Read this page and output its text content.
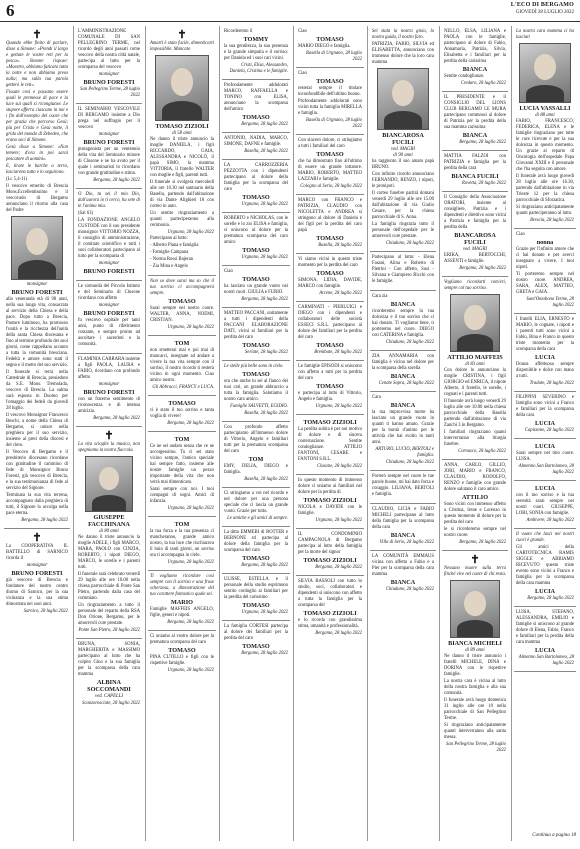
6	L'ECO DI BERGAMO
GIOVEDÌ 28 LUGLIO 2022
✝

Quando ebbe finito di parlare, disse a Simone: «Prendi il largo e gettate le vostre reti per la pesca». Simone rispose: «Maestro, abbiamo faticato tutta la notte e non abbiamo preso nulla; ma sulla tua parola getterò le reti».

Fissate così e possano essere quali le premesse di pace e la luce sui quali si ricongiunse. Le stupore afferra ciascuno in noi e i fin dall'esempio del cuore che per grazia che percorso Gesù; più per Cristo e Gesù notte, il grido del mondo di Zebedeo, che erano soci di Simone.

Gesù disse a Simone: «Non temere; d'ora in poi sarai pescatore di uomini».

E, tirate le barche a terra, lasciarono tutto e lo seguirono.

(Lc 5,4-11)

Il vescovo emerito di Brescia Mons.Eccellentissimo e il vescovado di Bergamo annunciano il ritorno alla casa del Padre

monsignor
BRUNO FORESTI

alla veneranda età di 98 anni, nella sua lunga vita, consacrata al servizio della Chiesa e della pace. Dopo tutto a Brescia, Pastore luminoso, ha promosso l'unità e la ricchezza dell'unità della santa Chiesa diocesana e fino al termine profondo dei suoi giorni, come cappellano accanto a tutta la comunità bresciana. Fedeltà e amore sono stati il segno e il motto del suo servizio.

Il funerale si terrà nella Cattedrale di Brescia, presieduto da S.E. Mons. Tremolada, vescovo di Brescia. La salma sarà esposta in Duomo per l'omaggio dei fedeli da giovedì 28 luglio.

Il vescovo Monsignor Francesco Beschi, a nome della Chiesa di Bergamo, si unisce nella preghiera per il suo servizio, insieme ai preti della diocesi e del clero.

Il Vescovo di Bergamo e il presbiterio diocesano ricordano con gratitudine il cammino di fede di Monsignor Bruno Foresti, già vescovo di Brescia, e la sua testimonianza di fede al servizio del Signore.

Terminata la sua vita terrena, accompagnato dalla preghiera di tutti, il Signore lo accolga nella pace eterna.

Bergamo, 28 luglio 2022
✝

La COOPERATIVA IL BATTELLO di SARNICO ricorda il

monsignor
BRUNO FORESTI

già vescovo di Brescia e fondatore del nostro centro diurno di Sarnico, per la sua vicinanza e la sua stima dimostrata nei suoi anni.

Sarnico, 28 luglio 2022

L'AMMINISTRAZIONE COMUNALE DI SAN PELLEGRINO TERME, nel ricordo degli anni passati come vescovo della nostra città natale, partecipa al lutto per la scomparsa del vescovo

monsignor
BRUNO FORESTI
San Pellegrino Terme, 28 luglio 2022

IL SEMINARIO VESCOVILE DI BERGAMO insieme a Dio prega nel suffragio per il vescovo

monsignor
BRUNO FORESTI

protagonista per un ventennio della vita del Seminario minore di Clusone e ne ha avuto per il quale i seminaristi lo ricordano con grande gratitudine e stima.

Bergamo, 28 luglio 2022

O Dio, tu sei il mio Dio, dall'aurora io ti cerco, ha sete di te l'anima mia.

(Sal 63)

LA FONDAZIONE ANGELO CUSTODE con il suo presidente monsignor VITTORIO NOZZA, il consiglio di amministrazione, il comitato scientifico e tutti i suoi collaboratori partecipano al lutto per la scomparsa di

monsignor
BRUNO FORESTI

Le comunità del Piccolo Istituto e del Seminario di Clusone ricordano con affetto

monsignor
BRUNO FORESTI

fu vescovo ospitale per tanti anni, punto di riferimento costante, e sempre pronto ad ascoltare i sacerdoti e la comunità.

FLAMINIA CARRARA insieme a figli PAOLA, LAURA e FABIO, ricordano con profondo affetto

monsignor
BRUNO FORESTI

con un fraterno sentimento di riconoscenza e di intensa amicizia.

Bergamo, 28 luglio 2022
✝

La vita scioglie la musica, non spegniamo la nostra fiaccola.

GIUSEPPE FACCHINANA
di 80 anni

Ne danno il triste annuncio la moglie ADELE, i figli MARCO, MARA, PAOLO con CINZIA, ROBERTO, i nipoti DIEGO, MARCO, le sorelle e i parenti tutti.

Il funerale sarà celebrato venerdì 29 luglio alle ore 10.00 nella chiesa parrocchiale di Ponte San Pietro, partendo dalla casa del commiato.

Un ringraziamento a tutto il personale del reparto della RSA Don Orione, Bergamo, per le amorevoli cure prestate.

Ponte San Pietro, 28 luglio 2022

BRUNA, SONIA, MARGHERITA e MASSIMO partecipano al lutto che ha colpito Gino e la sua famiglia per la scomparsa della cara mamma

ALBINA SOCCOMANDI
ved. CAPELLI
Scanzorosciate, 28 luglio 2022
✝

Amarti è stato facile, dimenticarti impossibile. Mancato

TOMASO ZIZIOLI
di 58 anni

Ne danno il triste annuncio la moglie DANIELA, i figli RICCARDO, GAIA, ALESSANDRA e NICOLÒ, il papà SIMO, la mamma VITTORIA, il fratello WALTER con moglie e figli, parenti tutti.

Il funerale si svolgerà mercoledì alle ore 10.30 nel santuario della Basella, partendo dall'abitazione di via Dante Alighieri 10 con corteo in auto.

Un sentito ringraziamento a quanti parteciperanno alla cerimonia.

Urgnano, 28 luglio 2022

Partecipano al lutto:

- Alberto Piana e famiglia

- Famiglie Campana

- Norma Rossi Bajeran

- Zia Mina e Angelo

Non so dove sarai ma so che il tuo sorriso ci accompagnerà sempre.

TOMASO

Sarai sempre nel nostro cuore. WALTER, ANNA, NOEMI, CRISTIAN.

Urgnano, 28 luglio 2022
TOM

non smetterai mai e poi mai di mancarci, insegnate ad andare a vivere la tua vita sempre con il sorriso, il nostro ricordo ti resterà vicino in ogni momento. Ciao amico nostro.

Gli Abbracci, FRANCY e LUCA.
TOMASO

ci è stato il tuo sorriso e tanta voglia di vivere!

Bergamo, 28 luglio 2022
TOM

Ce ne sei andato senza che ce ne accorgessimo. Tu ci sei stato vicino sempre, l'amico speciale hai sempre fatto, insieme alle nostre famiglie un pezzo importante della vita che non verrà mai dimenticato.

Sarai sempre con noi. I tuoi compagni di sogni. Amici di infanzia.

Urgnano, 28 luglio 2022
TOM

la tua forza e la tua presenza ci mancheranno, grande amico nostro, la tua luce che rischiarava il buio di tanti giorni, un sorriso ora ti accompagna in cielo.

Urgnano, 28 luglio 2022

Ti vogliamo ricordare così sempre con il sorriso e una frase scherzosa, a dimostrazione del tuo carattere fantastico quale sei.

MARIO

Famiglie MAFFEIS ANGELO, figlie, generi e nipoti.

Bergamo, 28 luglio 2022

Ci uniamo al vostro dolore per la prematura scomparsa del caro

TOMASO

PINA CUTILLO e figli con le rispettive famiglie.

Urgnano, 28 luglio 2022

Ricorderemo il

TOMMY

la sua gentilezza, la sua presenza e la grande simpatia e il sorriso: per Daniela ed i suoi cari vicini.

Cristi, Elisa, Alessandro, Daniela, Cristina e le famiglie.

Profondamente addolorati MARCO, RAFFAELLA e TONINO con ELISA, annunciano la scomparsa dell'amico

TOMASO
Bergamo, 28 luglio 2022

ANTONIO, NADIA, MARCO, SIMONE, DAFNE e famiglie.

Basella, 28 luglio 2022

LA CARROZZERIA PEZZOTTA con i dipendenti partecipano al dolore della famiglia per la scomparsa del caro

TOMASO
Urgnano, 28 luglio 2022

ROBERTO e NICHOLAS, con le sorelle e lo zio ELISA e famiglia, si uniscono al dolore per la prematura scomparsa del caro amico

TOMASO
Urgnano, 28 luglio 2022

Ciao

TOMASO

ha lasciato un grande vuoto nei nostri cuori. GIULIA e FURIO.

Bergamo, 28 luglio 2022

MATTEO PACCANI, unitamente a tutti i dipendenti della PACCANI ELABORAZIONE DATI, vicini ai familiari per la perdita del caro

TOMASO
Seriate, 28 luglio 2022

Le stelle più belle sono in cielo.

TOMASO

ora che anche tu sei al fianco dei tuoi cari, un grande abbraccio a tutta la famiglia. Salutiamo il nostro caro amico.

Famiglie SALVETTI, EGIDIO.
Basella, 28 luglio 2022

Con profondo affetto partecipiamo all'immenso dolore di Vittorio, Angelo e familiari tutti per la prematura scomparsa del caro

TOM

EMY, DELIA, DIEGO e famiglia.

Basella, 28 luglio 2022

Ci stringiamo a voi nel ricordo e nel dolore per una persona speciale che ci lascia un grande vuoto. Grazie per tutto.

Le amiche e gli amici di sempre.

La ditta EMMEBI di BOTTER e BERNONE srl partecipa al dolore della famiglia per la scomparsa del caro

TOMASO
Bergamo, 28 luglio 2022

ULISSE, ESTELLA e il personale della studio esprimono sentito cordoglio ai familiari per la perdita del carissimo

TOMASO
Urgnano, 28 luglio 2022

La famiglia CORTESI partecipa al dolore dei familiari per la perdita del caro

TOMASO
Bergamo, 28 luglio 2022

Ciao

TOMASO

MARIO DIEGO e famiglia.

Basella di Urgnano, 28 luglio 2022

Ciao

TOMASO

resterai sempre il titolare inconfondibile dell'ultimo buono.

Profondamente addolorati sono vicini tutta la famiglia MIRELLA e famiglia.

Basella di Urgnano, 28 luglio 2022

Con sincero dolore, ci stringiamo a tutti i familiari del caro

TOMASO

che ha dimostrato fino all'ultimo di essere un grande lottatore. MARIO, ROBERTO, MATTEO LAZZARI e famiglie.

Cologno al Serio, 28 luglio 2022

MARCO con FRANCO e PATRIZIA, CLAUDIO con NICOLETTA e ANDREA si stringono al dolore di Daniela e dei figli per la perdita del caro papà

TOMASO
Basella, 28 luglio 2022

Vi siamo vicini in questo triste momento per la perdita del caro

TOMASO

SIMONA, LIDIA, DAVIDE, MARCO con famiglie.

Arcene, 28 luglio 2022

CARMINATI - PIERLUIGI e DIEGO con i dipendenti e collaboratori delle società ESSECI S.R.L. partecipano al dolore dei familiari per la perdita del caro

TOMASO
Brembate, 28 luglio 2022

Le famiglie EPISODI si uniscono con affetto a tutti per la perdita del caro

TOMASO

e partecipa al lutto di Vittorio, Angelo e famiglia.

Urgnano, 28 luglio 2022
TOMASO ZIZIOLI

La perdita subita è per noi motivo di dolore e di sincera costernazione. Sentite condoglianze. ATTILIO FANTONI, CESARE e FANTONI S.R.L.

Clusone, 28 luglio 2022

In questo momento di immenso dolore ci uniamo ai familiari nel dolore per la perdita di

TOMASO ZIZIOLI

NICOLA e DAVIDE con le famiglie.

Urgnano, 28 luglio 2022

IL CONDOMINIO CAMPAGNOLA di Bergamo partecipa al lutto della famiglia per la morte del signor

TOMASO ZIZIOLI
Bergamo, 28 luglio 2022

SILVIA BASSOLI con tutto lo studio, soci, collaboratori e dipendenti si uniscono con affetto a tutta la famiglia per la scomparsa del

TOMASO ZIZIOLI

e lo ricorda con grandissima stima, umanità e professionalità.

Bergamo, 28 luglio 2022

Sei stata la nostra gioia, la nostra guida, il nostro faro.

PATRIZIA, FABIO, SILVIA ed ELISABETTA, annunciano con immenso dolore che la loro cara mamma

BIANCAROSA FUCILI
ved. MAGRI
di 90 anni

ha raggiunto il suo amato papà BRUNO.

Con infinito ricordo annunciano FERNANDO, RENZO, i nipoti, le pronipoti.

Il corteo funebre partirà domani venerdì 29 luglio alle ore 15.00 dall'abitazione di via Giulio Cesare, per la chiesa parrocchiale di S. Anna.

La famiglia ringrazia tutto il personale dell'ospedale per le amorevoli cure prestate.

Chiuduno, 28 luglio 2022

Partecipano al lutto: - Elena Fasani, Alina e Roberto di Pietrini - Con affetto, Susi - Silvana e Giampiero Bicchi con le famiglie.

Cara zia

BIANCA

ricorderemo sempre la tua dolcezza e il tuo sorriso che ci hai donato. Ti vogliamo bene, ti porteremo nel cuore. DIEGO con CATERINA e famiglia.

Chiuduno, 28 luglio 2022

ZIA ANNAMARIA con famiglia è vicina nel dolore per la scomparsa della sorella

BIANCA
Cenate Sopra, 28 luglio 2022

Cara

BIANCA

la tua improvvisa morte ha lasciato un grande vuoto in quanti ti hanno amato. Grazie per la bontà d'animo per le attività che hai svolto in tanti anni.

ARTURO, LUCIO, BERTOLI e famiglia.
Chiuduno, 28 luglio 2022

Porterò sempre nel cuore le tue parole buone, mi hai dato forza e coraggio. LILIANA, BERTOLI e famiglia.

CLAUDIO, LICIA e FABIO MICHELI partecipano al lutto della famiglia per la scomparsa della cara

BIANCA
Villa di Serio, 28 luglio 2022

LA COMUNITÀ EMMAUS vicina con affetto a Fabio e a Pier per la scomparsa della cara mamma

BIANCA
Chiuduno, 28 luglio 2022

NELLO, ELSA, LILIANA e PAOLA con le famiglie, partecipano al dolore di Fabio, Annamaria, Patrizia, Silvia, Elisabetta e i familiari per la perdita della carissima

BIANCA

Sentite condoglianze.

Credaro, 28 luglio 2022

IL PRESIDENTE e il CONSIGLIO DEL LIONS CLUB BERGAMO LE MURA partecipano commossi al dolore di Patrizia per la perdita della sua mamma carissima

BIANCA
Bergamo, 28 luglio 2022

MATTIA FALZOI con PATRIZIA e famiglia per la perdita della cara

BIANCA FUCILI
Rovetta, 28 luglio 2022

Il Consiglio della Associazione ORATORI, insieme al consigliere, Patrizia e i dipendenti e direttivo sono vicini a Patrizia e famiglia per la perdita della

BIANCAROSA FUCILI
ved. MAGRI

ERIKA, BERTOCCHI, ASSENTI e famiglie.

Bergamo, 28 luglio 2022

Vogliamo ricordarti com'eri, sempre col tuo sorriso.

ATTILIO MAFFEIS
di 83 anni

Con dolore lo annunciano la moglie CRISTINA, i figli GIORGIO ed ENRICA, il nipote Alberto, il fratello, le sorelle, i cognati e i parenti tutti.

Il funerale avrà luogo venerdì 29 luglio alle ore 10.00 nella chiesa parrocchiale della Basella partendo dall'abitazione di via Zanchi 3 in Bergamo.

I familiari ringraziano quanti interverranno alla liturgia funebre.

Cornasco, 28 luglio 2022

ANNA, CARLO, GILLIO, JORI, MARIO e FRANCO, CLAUDIO, RODOLFO, RENZO e famiglie con grande dolore salutano il caro amico

ATTILIO

Sono vicini con immenso affetto a Cristina, Irene e Lorenzo in questo momento di dolore per la perdita del caro

le si ricorderemo sempre nel nostro cuore.

Bergamo, 28 luglio 2022
✝

Nessuno muore sulla terra finché vive nel cuore di chi resta.

BIANCA MICHELI
di 89 anni

Ne danno il triste annuncio i fratelli MICHELE, DINA e DORINA con le rispettive famiglie.

La nostra cara è vicina al lutto della nostra famiglia e alla sua comunità.

Il funerale avrà luogo domenica 31 luglio alle ore 10 nella parrocchiale di San Pellegrino Terme.

Si ringraziano anticipatamente quanti interverranno alla santa messa.

San Pellegrino Terme, 28 luglio 2022

La nostra cara mamma ci ha lasciati

LUCIA VASSALLI
di 88 anni

FABIO, FRANCESCO, FEDERICA, ELENA e le famiglie ringraziano per tutte le cure ricevute e per la sua dolcezza in questo momento. Un grazie al reparto di Oncologia dell'ospedale Papa Giovanni XXIII e il personale che l'ha seguita con amore.

Il funerale avrà luogo giovedì 28 luglio alle ore 16.30, partendo dall'abitazione in via Trieste 12 per la chiesa parrocchiale di Sforzatica.

Si ringraziano anticipatamente quanti parteciperanno al lutto.

Brescia, 28 luglio 2022

Ciao

nonna

Grazie per l'infinito amore che ci hai donato e per averci insegnato a vivere. I tuoi nipoti.

Ti porteremo sempre nel nostro cuore. ANDREA, SARA, ALEX, MATTEO, GRETA e GAIA.

Sant'Omobono Terme, 28 luglio 2022

I fratelli ELIA, ERNESTO e MARIO, le cognate, i nipoti e i parenti tutti sono vicini a Fabio, Rina e Franco in questo triste momento per la scomparsa della cara

LUCIA

Donna affettuosa sempre disponibile e dolce con mano a tutti.

Tradate, 28 luglio 2022

FILIPPINI SEVERINO e famiglia sono vicini a Franco e familiari per la scomparsa della cara

LUCIA
Capizzone, 28 luglio 2022
LUCIA

Sarai sempre nel mio cuore. LUISA.

Almenno San Bartolomeo, 28 luglio 2022
LUCIA

con il tuo sorriso e la tua serenità sarai sempre nei nostri cuori. GIUSEPPE, LORI, SONIA con famiglie.

Ambivere, 28 luglio 2022

Il vuoto che lasci nei nostri cuori è grande.

Gli amici della CARTOTECNICA RAMIS SIGGLE e ABBIAMO RICEVUTO questo triste evento sono vicini a Franco e famiglia per la scomparsa della cara mamma

LUCIA
Bergamo, 28 luglio 2022

LUISA, STEFANO, ALESSANDRA, EMILIO e famiglie si uniscono al grande dolore di Elena, Fabio, Franco e familiari per la perdita della cara mamma

LUCIA
Almenno San Bartolomeo, 28 luglio 2022
Continua a pagina 18
